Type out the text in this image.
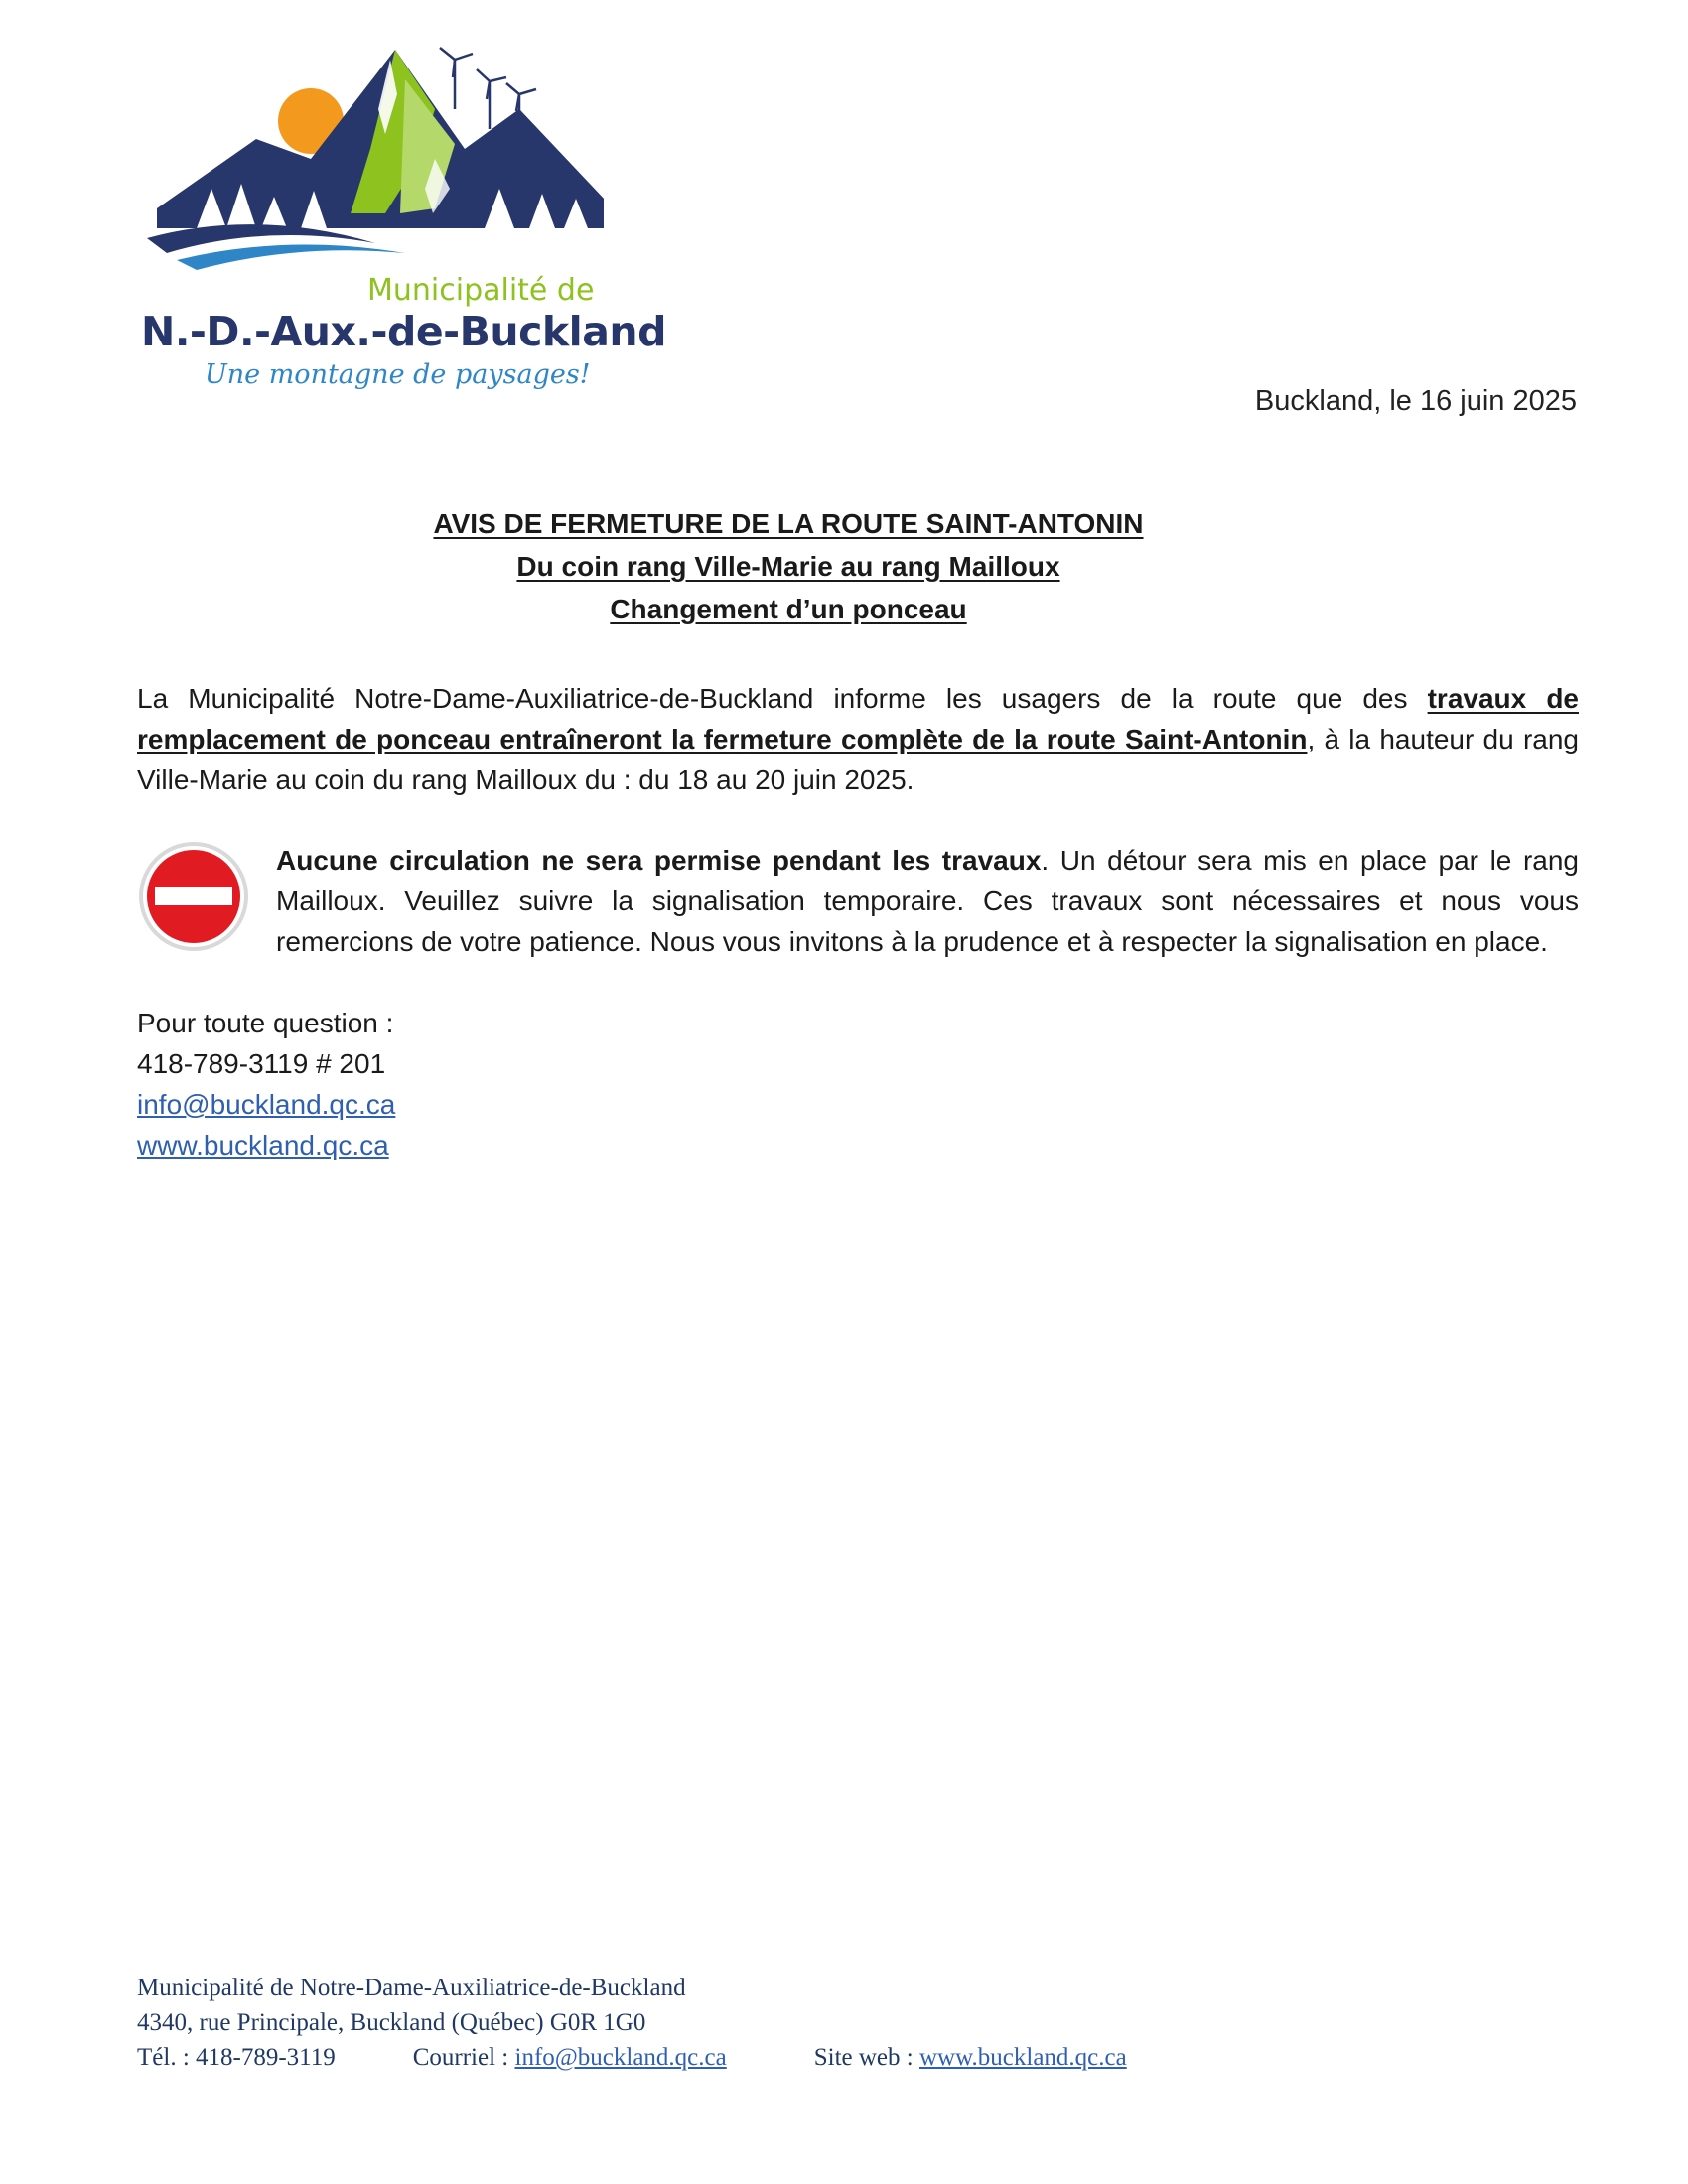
Municipalité de
N.-D.-Aux.-de-Buckland
Une montagne de paysages!
Buckland, le 16 juin 2025
AVIS DE FERMETURE DE LA ROUTE SAINT-ANTONIN
Du coin rang Ville-Marie au rang Mailloux
Changement d’un ponceau
La Municipalité Notre-Dame-Auxiliatrice-de-Buckland informe les usagers de la route que des travaux de remplacement de ponceau entraîneront la fermeture complète de la route Saint-Antonin, à la hauteur du rang Ville-Marie au coin du rang Mailloux du : du 18 au 20 juin 2025.
Aucune circulation ne sera permise pendant les travaux. Un détour sera mis en place par le rang Mailloux. Veuillez suivre la signalisation temporaire. Ces travaux sont nécessaires et nous vous remercions de votre patience. Nous vous invitons à la prudence et à respecter la signalisation en place.
Pour toute question :
418-789-3119 # 201
info@buckland.qc.ca
www.buckland.qc.ca
Municipalité de Notre-Dame-Auxiliatrice-de-Buckland
4340, rue Principale, Buckland (Québec) G0R 1G0
Tél. : 418-789-3119	Courriel : info@buckland.qc.ca	Site web : www.buckland.qc.ca
